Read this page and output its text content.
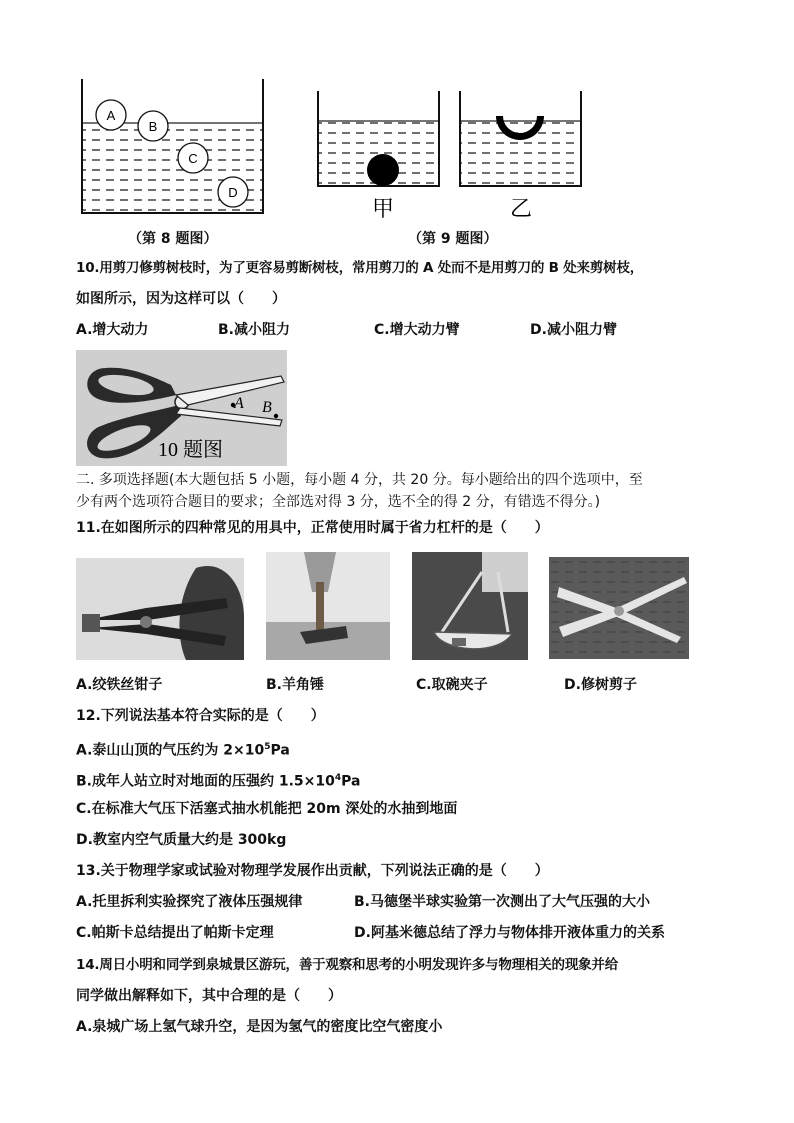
A
B
C
D
甲	乙
（第 8 题图）	（第 9 题图）
10.用剪刀修剪树枝时，为了更容易剪断树枝，常用剪刀的 A 处而不是用剪刀的 B 处来剪树枝，
如图所示，因为这样可以（　　）
A.增大动力	B.减小阻力	C.增大动力臂	D.减小阻力臂
A B
10 题图
二. 多项选择题(本大题包括 5 小题，每小题 4 分，共 20 分。每小题给出的四个选项中，至
少有两个选项符合题目的要求；全部选对得 3 分，选不全的得 2 分，有错选不得分。)
11.在如图所示的四种常见的用具中，正常使用时属于省力杠杆的是（　　）
A.绞铁丝钳子	B.羊角锤	C.取碗夹子	D.修树剪子
12.下列说法基本符合实际的是（　　）
A.泰山山顶的气压约为 $2\times 10^5Pa$
B.成年人站立时对地面的压强约 $1.5\times 10^4Pa$
C.在标准大气压下活塞式抽水机能把 20m 深处的水抽到地面
D.教室内空气质量大约是 300kg
13.关于物理学家或试验对物理学发展作出贡献，下列说法正确的是（　　）
A.托里拆利实验探究了液体压强规律	B.马德堡半球实验第一次测出了大气压强的大小
C.帕斯卡总结提出了帕斯卡定理	D.阿基米德总结了浮力与物体排开液体重力的关系
14.周日小明和同学到泉城景区游玩，善于观察和思考的小明发现许多与物理相关的现象并给
同学做出解释如下，其中合理的是（　　）
A.泉城广场上氢气球升空，是因为氢气的密度比空气密度小
